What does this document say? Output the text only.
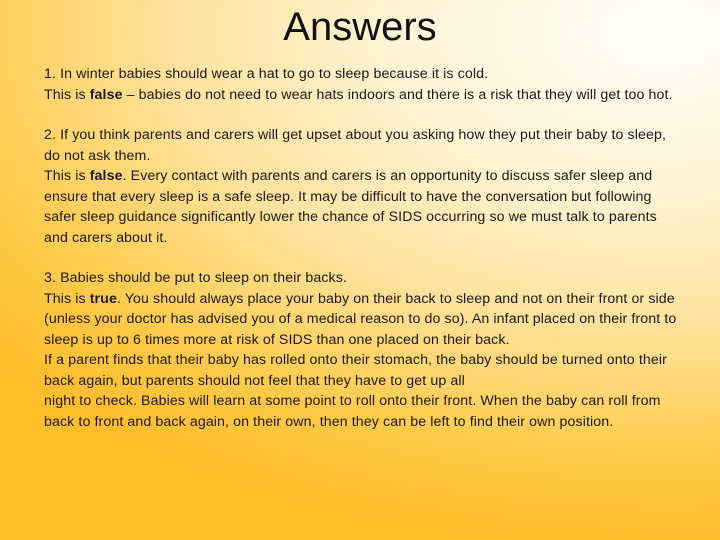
Answers
1. In winter babies should wear a hat to go to sleep because it is cold.
This is false – babies do not need to wear hats indoors and there is a risk that they will get too hot.
2. If you think parents and carers will get upset about you asking how they put their baby to sleep, do not ask them.
This is false. Every contact with parents and carers is an opportunity to discuss safer sleep and ensure that every sleep is a safe sleep. It may be difficult to have the conversation but following safer sleep guidance significantly lower the chance of SIDS occurring so we must talk to parents and carers about it.
3. Babies should be put to sleep on their backs.
This is true. You should always place your baby on their back to sleep and not on their front or side (unless your doctor has advised you of a medical reason to do so). An infant placed on their front to sleep is up to 6 times more at risk of SIDS than one placed on their back.
If a parent finds that their baby has rolled onto their stomach, the baby should be turned onto their back again, but parents should not feel that they have to get up all
night to check. Babies will learn at some point to roll onto their front. When the baby can roll from back to front and back again, on their own, then they can be left to find their own position.
